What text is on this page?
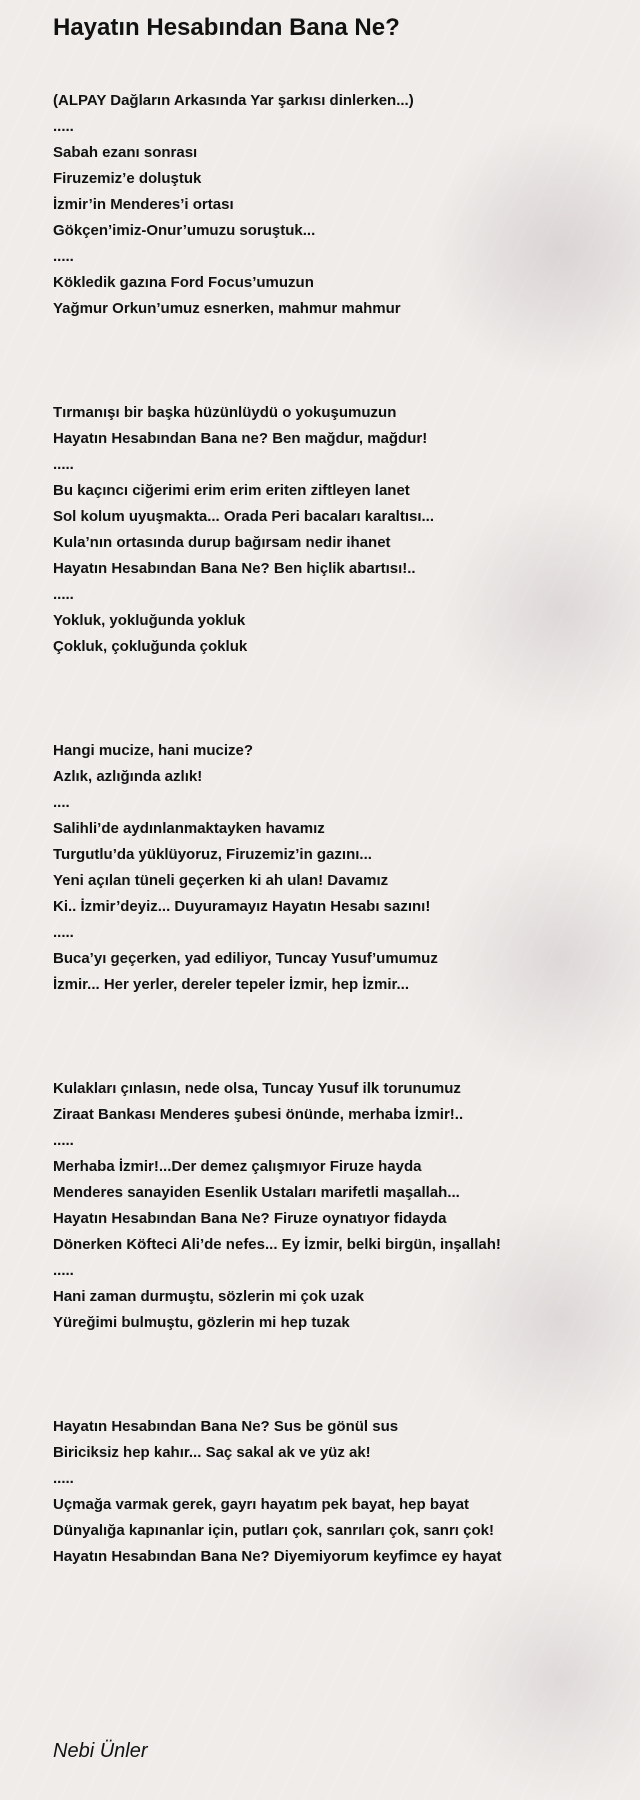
Hayatın Hesabından Bana Ne?
(ALPAY Dağların Arkasında Yar şarkısı dinlerken...)
.....
Sabah ezanı sonrası
Firuzemiz’e doluştuk
İzmir’in Menderes’i ortası
Gökçen’imiz-Onur’umuzu soruştuk...
.....
Kökledik gazına Ford Focus’umuzun
Yağmur Orkun’umuz esnerken, mahmur mahmur
Tırmanışı bir başka hüzünlüydü o yokuşumuzun
Hayatın Hesabından Bana ne? Ben mağdur, mağdur!
.....
Bu kaçıncı ciğerimi erim erim eriten ziftleyen lanet
Sol kolum uyuşmakta... Orada Peri bacaları karaltısı...
Kula’nın ortasında durup bağırsam nedir ihanet
Hayatın Hesabından Bana Ne? Ben hiçlik abartısı!..
.....
Yokluk, yokluğunda yokluk
Çokluk, çokluğunda çokluk
Hangi mucize, hani mucize?
Azlık, azlığında azlık!
....
Salihli’de aydınlanmaktayken havamız
Turgutlu’da yüklüyoruz, Firuzemiz’in gazını...
Yeni açılan tüneli geçerken ki ah ulan! Davamız
Ki.. İzmir’deyiz... Duyuramayız Hayatın Hesabı sazını!
.....
Buca’yı geçerken, yad ediliyor, Tuncay Yusuf’umumuz
İzmir... Her yerler, dereler tepeler İzmir, hep İzmir...
Kulakları çınlasın, nede olsa, Tuncay Yusuf ilk torunumuz
Ziraat Bankası Menderes şubesi önünde, merhaba İzmir!..
.....
Merhaba İzmir!...Der demez çalışmıyor Firuze hayda
Menderes sanayiden Esenlik Ustaları marifetli maşallah...
Hayatın Hesabından Bana Ne? Firuze oynatıyor fidayda
Dönerken Köfteci Ali’de nefes... Ey İzmir, belki birgün, inşallah!
.....
Hani zaman durmuştu, sözlerin mi çok uzak
Yüreğimi bulmuştu, gözlerin mi hep tuzak
Hayatın Hesabından Bana Ne? Sus be gönül sus
Biriciksiz hep kahır... Saç sakal ak ve yüz ak!
.....
Uçmağa varmak gerek, gayrı hayatım pek bayat, hep bayat
Dünyalığa kapınanlar için, putları çok, sanrıları çok, sanrı çok!
Hayatın Hesabından Bana Ne? Diyemiyorum keyfimce ey hayat
Nebi Ünler
